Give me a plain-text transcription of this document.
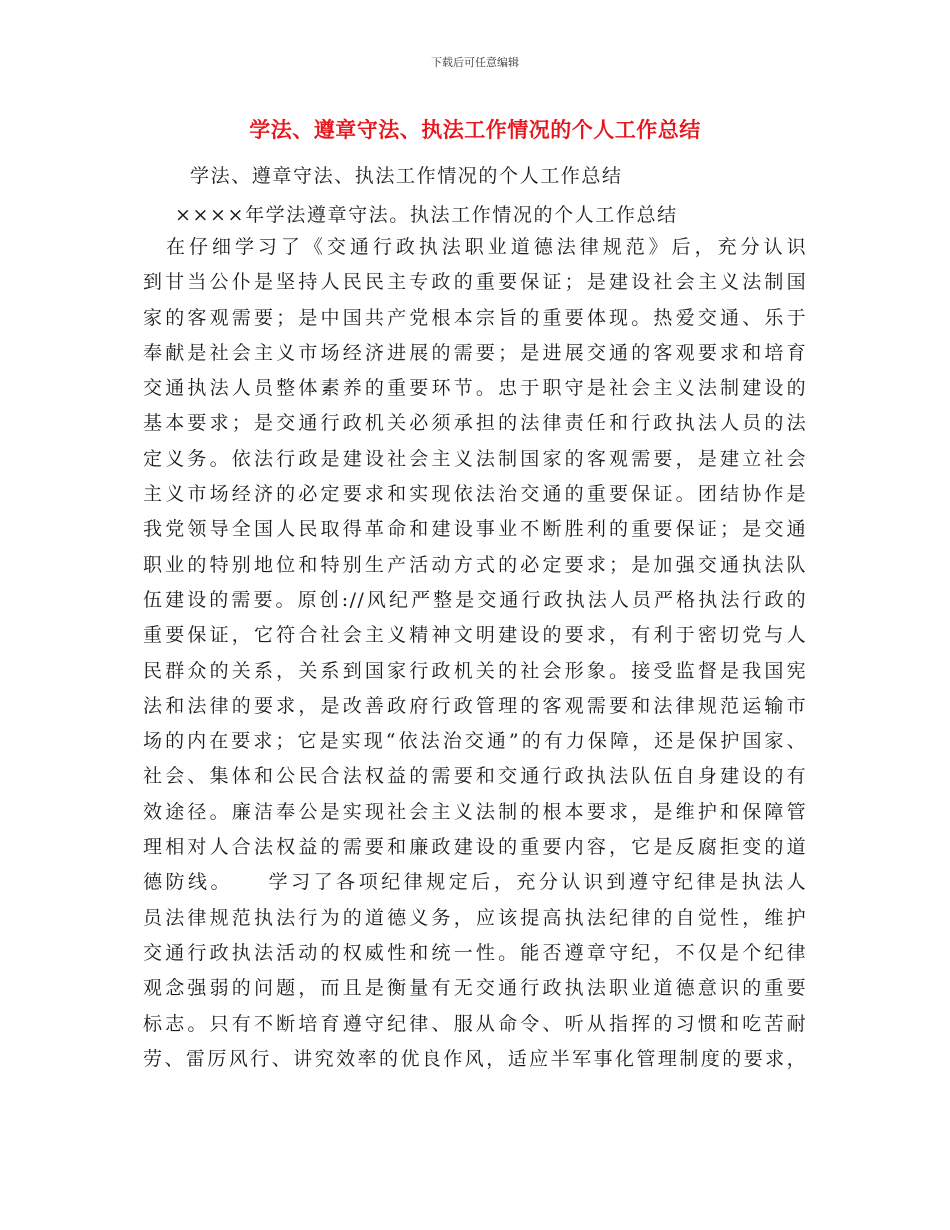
下载后可任意编辑
学法、遵章守法、执法工作情况的个人工作总结
学法、遵章守法、执法工作情况的个人工作总结
××××年学法遵章守法。执法工作情况的个人工作总结
　在仔细学习了《交通行政执法职业道德法律规范》后，充分认识
到甘当公仆是坚持人民民主专政的重要保证；是建设社会主义法制国
家的客观需要；是中国共产党根本宗旨的重要体现。热爱交通、乐于
奉献是社会主义市场经济进展的需要；是进展交通的客观要求和培育
交通执法人员整体素养的重要环节。忠于职守是社会主义法制建设的
基本要求；是交通行政机关必须承担的法律责任和行政执法人员的法
定义务。依法行政是建设社会主义法制国家的客观需要，是建立社会
主义市场经济的必定要求和实现依法治交通的重要保证。团结协作是
我党领导全国人民取得革命和建设事业不断胜利的重要保证；是交通
职业的特别地位和特别生产活动方式的必定要求；是加强交通执法队
伍建设的需要。原创://风纪严整是交通行政执法人员严格执法行政的
重要保证，它符合社会主义精神文明建设的要求，有利于密切党与人
民群众的关系，关系到国家行政机关的社会形象。接受监督是我国宪
法和法律的要求，是改善政府行政管理的客观需要和法律规范运输市
场的内在要求；它是实现“依法治交通”的有力保障，还是保护国家、
社会、集体和公民合法权益的需要和交通行政执法队伍自身建设的有
效途径。廉洁奉公是实现社会主义法制的根本要求，是维护和保障管
理相对人合法权益的需要和廉政建设的重要内容，它是反腐拒变的道
德防线。　　学习了各项纪律规定后，充分认识到遵守纪律是执法人
员法律规范执法行为的道德义务，应该提高执法纪律的自觉性，维护
交通行政执法活动的权威性和统一性。能否遵章守纪，不仅是个纪律
观念强弱的问题，而且是衡量有无交通行政执法职业道德意识的重要
标志。只有不断培育遵守纪律、服从命令、听从指挥的习惯和吃苦耐
劳、雷厉风行、讲究效率的优良作风，适应半军事化管理制度的要求，
